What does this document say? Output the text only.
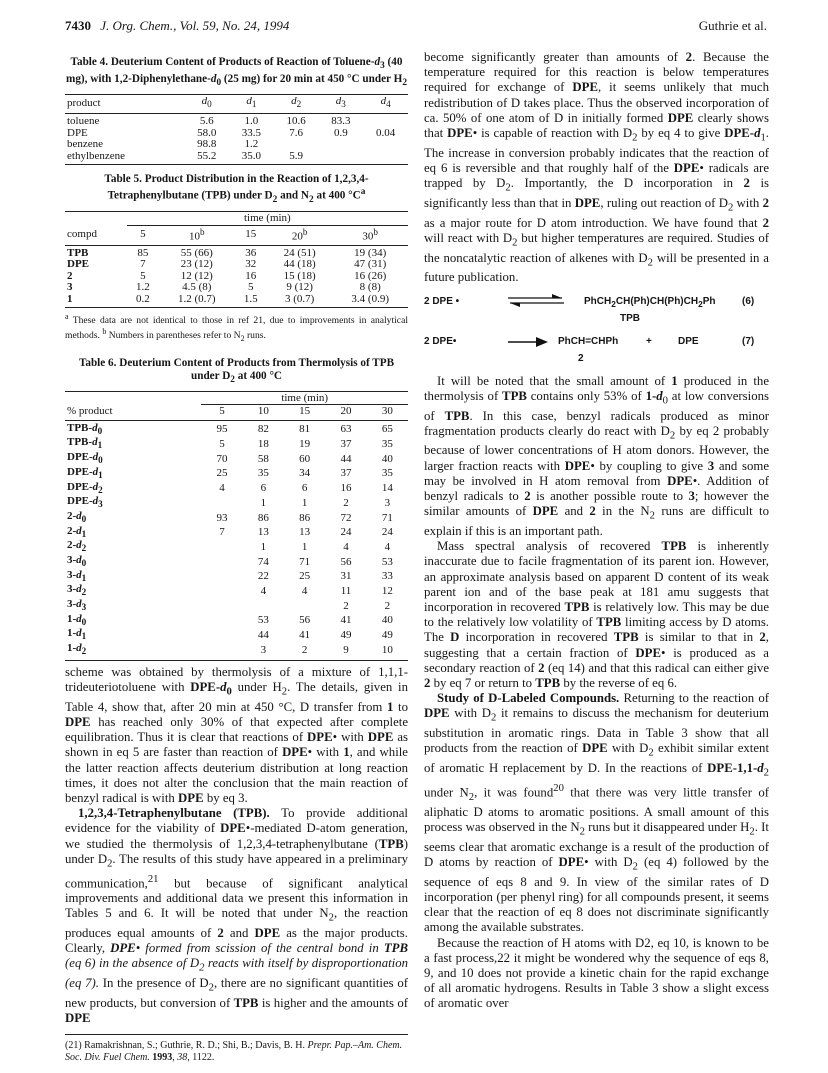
7430 J. Org. Chem., Vol. 59, No. 24, 1994	Guthrie et al.
Table 4. Deuterium Content of Products of Reaction of Toluene-$d_3$ (40 mg), with $1,2-Diphenylethane-d_0$ (25 mg) for 20 min at 450 °C under $H_2$
product	$d_0$	$d_1$	$d_2$	$d_3$	$d_4$
toluene	5.6	1.0	10.6	83.3	
DPE	58.0	33.5	7.6	0.9	0.04
benzene	98.8	1.2			
ethylbenzene	55.2	35.0	5.9		
Table 5. Product Distribution in the Reaction of 1,2,3,4-Tetraphenylbutane (TPB) under $D_2$ and $N_2$ at 400 $^\circ C^a$
	time (min)				
compd	5	10$^b$	15	20$^b$	30$^b$
TPB	85	55 (66)	36	24 (51)	19 (34)
DPE	7	23 (12)	32	44 (18)	47 (31)
2	5	12 (12)	16	15 (18)	16 (26)
3	1.2	4.5 (8)	5	9 (12)	8 (8)
1	0.2	1.2 (0.7)	1.5	3 (0.7)	3.4 (0.9)
$^a$ These data are not identical to those in ref 21, due to improvements in analytical methods. $^b$ Numbers in parentheses refer to $N_2$ runs.
Table 6. Deuterium Content of Products from Thermolysis of TPB under $D_2$ at 400 °C
	time (min)				
% product	5	10	15	20	30
TPB-$d_0$	95	82	81	63	65
TPB-$d_1$	5	18	19	37	35
DPE-$d_0$	70	58	60	44	40
DPE-$d_1$	25	35	34	37	35
DPE-$d_2$	4	6	6	16	14
DPE-$d_3$		1	1	2	3
$2-d_0$	93	86	86	72	71
$2-d_1$	7	13	13	24	24
$2-d_2$		1	1	4	4
$3-d_0$		74	71	56	53
$3-d_1$		22	25	31	33
$3-d_2$		4	4	11	12
$3-d_3$				2	2
$1-d_0$		53	56	41	40
$1-d_1$		44	41	49	49
$1-d_2$		3	2	9	10

scheme was obtained by thermolysis of a mixture of 1,1,1-trideuteriotoluene with DPE-$d_0$ under $H_2$. The details, given in Table 4, show that, after 20 min at 450 °C, D transfer from 1 to DPE has reached only 30% of that expected after complete equilibration. Thus it is clear that reactions of DPE• with DPE as shown in eq 5 are faster than reaction of DPE• with 1, and while the latter reaction affects deuterium distribution at long reaction times, it does not alter the conclusion that the main reaction of benzyl radical is with DPE by eq 3.

1,2,3,4-Tetraphenylbutane (TPB). To provide additional evidence for the viability of DPE•-mediated D-atom generation, we studied the thermolysis of 1,2,3,4-tetraphenylbutane (TPB) under $D_2$. The results of this study have appeared in a preliminary communication,$^{21}$ but because of significant analytical improvements and additional data we present this information in Tables 5 and 6. It will be noted that under $N_2$, the reaction produces equal amounts of 2 and DPE as the major products. Clearly, DPE• formed from scission of the central bond in TPB (eq 6) in the absence of $D_2$ reacts with itself by disproportionation (eq 7). In the presence of $D_2$, there are no significant quantities of new products, but conversion of TPB is higher and the amounts of DPE

(21) Ramakrishnan, S.; Guthrie, R. D.; Shi, B.; Davis, B. H. Prepr. Pap.–Am. Chem. Soc. Div. Fuel Chem. 1993, 38, 1122.

become significantly greater than amounts of 2. Because the temperature required for this reaction is below temperatures required for exchange of DPE, it seems unlikely that much redistribution of D takes place. Thus the observed incorporation of ca. 50% of one atom of D in initially formed DPE clearly shows that DPE• is capable of reaction with $D_2$ by eq 4 to give DPE-$d_1$. The increase in conversion probably indicates that the reaction of eq 6 is reversible and that roughly half of the DPE• radicals are trapped by $D_2$. Importantly, the D incorporation in 2 is significantly less than that in DPE, ruling out reaction of $D_2$ with 2 as a major route for D atom introduction. We have found that 2 will react with $D_2$ but higher temperatures are required. Studies of the noncatalytic reaction of alkenes with $D_2$ will be presented in a future publication.

2 DPE •	$PhCH_2CH(Ph)CH(Ph)CH_2Ph$
TPB
(6)
2 DPE•	PhCH=CHPh
2
+	DPE	(7)

It will be noted that the small amount of 1 produced in the thermolysis of TPB contains only 53% of $1-d_0$ at low conversions of TPB. In this case, benzyl radicals produced as minor fragmentation products clearly do react with $D_2$ by eq 2 probably because of lower concentrations of H atom donors. However, the larger fraction reacts with DPE• by coupling to give 3 and some may be involved in H atom removal from DPE•. Addition of benzyl radicals to 2 is another possible route to 3; however the similar amounts of DPE and 2 in the $N_2$ runs are difficult to explain if this is an important path.

Mass spectral analysis of recovered TPB is inherently inaccurate due to facile fragmentation of its parent ion. However, an approximate analysis based on apparent D content of its weak parent ion and of the base peak at 181 amu suggests that incorporation in recovered TPB is relatively low. This may be due to the relatively low volatility of TPB limiting access by D atoms. The D incorporation in recovered TPB is similar to that in 2, suggesting that a certain fraction of DPE• is produced as a secondary reaction of 2 (eq 14) and that this radical can either give 2 by eq 7 or return to TPB by the reverse of eq 6.

Study of D-Labeled Compounds. Returning to the reaction of DPE with $D_2$ it remains to discuss the mechanism for deuterium substitution in aromatic rings. Data in Table 3 show that all products from the reaction of DPE with $D_2$ exhibit similar extent of aromatic H replacement by D. In the reactions of DPE-$1,1-d_2$ under $N_2$, it was found$^{20}$ that there was very little transfer of aliphatic D atoms to aromatic positions. A small amount of this process was observed in the $N_2$ runs but it disappeared under $H_2$. It seems clear that aromatic exchange is a result of the production of D atoms by reaction of DPE• with $D_2$ (eq 4) followed by the sequence of eqs 8 and 9. In view of the similar rates of D incorporation (per phenyl ring) for all compounds present, it seems clear that the reaction of eq 8 does not discriminate significantly among the available substrates.

Because the reaction of H atoms with D2, eq 10, is known to be a fast process,22 it might be wondered why the sequence of eqs 8, 9, and 10 does not provide a kinetic chain for the rapid exchange of all aromatic hydrogens. Results in Table 3 show a slight excess of aromatic over
